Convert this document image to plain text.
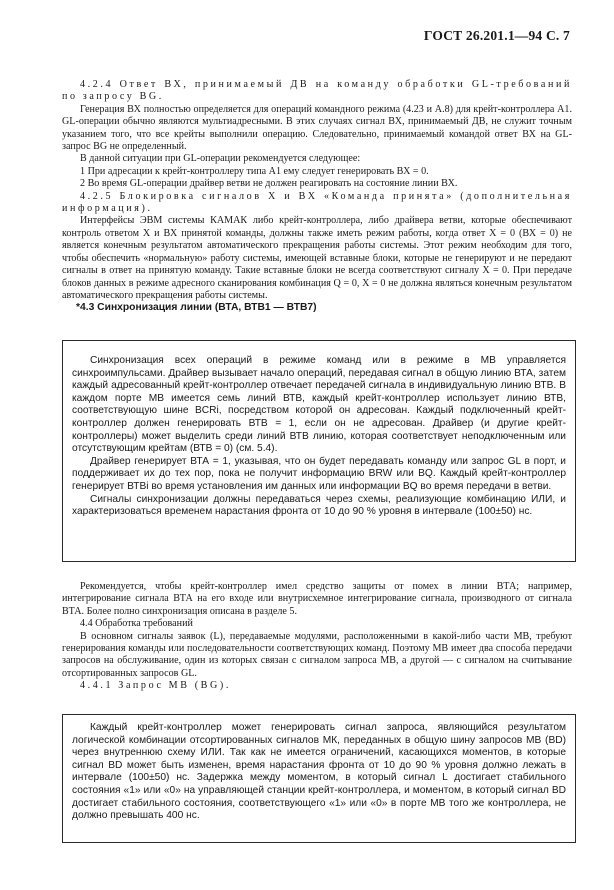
ГОСТ 26.201.1—94 С. 7

4.2.4 Ответ ВХ, принимаемый ДВ на команду обработки GL-требований по запросу BG.

Генерация ВХ полностью определяется для операций командного режима (4.23 и А.8) для крейт-контроллера А1. GL-операции обычно являются мультиадресными. В этих случаях сигнал ВХ, принимаемый ДВ, не служит точным указанием того, что все крейты выполнили операцию. Следовательно, принимаемый командой ответ ВХ на GL-запрос BG не определенный.

В данной ситуации при GL-операции рекомендуется следующее:

1 При адресации к крейт-контроллеру типа А1 ему следует генерировать ВХ = 0.

2 Во время GL-операции драйвер ветви не должен реагировать на состояние линии ВХ.

4.2.5 Блокировка сигналов Х и ВХ «Команда принята» (дополнительная информация).

Интерфейсы ЭВМ системы КАМАК либо крейт-контроллера, либо драйвера ветви, которые обеспечивают контроль ответом Х и ВХ принятой команды, должны также иметь режим работы, когда ответ Х = 0 (ВХ = 0) не является конечным результатом автоматического прекращения работы системы. Этот режим необходим для того, чтобы обеспечить «нормальную» работу системы, имеющей вставные блоки, которые не генерируют и не передают сигналы в ответ на принятую команду. Такие вставные блоки не всегда соответствуют сигналу Х = 0. При передаче блоков данных в режиме адресного сканирования комбинация Q = 0, Х = 0 не должна являться конечным результатом автоматического прекращения работы системы.

*4.3 Синхронизация линии (ВТА, ВТВ1 — ВТВ7)

Синхронизация всех операций в режиме команд или в режиме в МВ управляется синхроимпульсами. Драйвер вызывает начало операций, передавая сигнал в общую линию ВТА, затем каждый адресованный крейт-контроллер отвечает передачей сигнала в индивидуальную линию ВТВ. В каждом порте МВ имеется семь линий ВТВ, каждый крейт-контроллер использует линию ВТВ, соответствующую шине BCRi, посредством которой он адресован. Каждый подключенный крейт-контроллер должен генерировать ВТВ = 1, если он не адресован. Драйвер (и другие крейт-контроллеры) может выделить среди линий ВТВ линию, которая соответствует неподключенным или отсутствующим крейтам (ВТВ = 0) (см. 5.4).

Драйвер генерирует ВТА = 1, указывая, что он будет передавать команду или запрос GL в порт, и поддерживает их до тех пор, пока не получит информацию BRW или BQ. Каждый крейт-контроллер генерирует ВТВi во время установления им данных или информации BQ во время передачи в ветви.

Сигналы синхронизации должны передаваться через схемы, реализующие комбинацию ИЛИ, и характеризоваться временем нарастания фронта от 10 до 90 % уровня в интервале (100±50) нс.

Рекомендуется, чтобы крейт-контроллер имел средство защиты от помех в линии ВТА; например, интегрирование сигнала ВТА на его входе или внутрисхемное интегрирование сигнала, производного от сигнала ВТА. Более полно синхронизация описана в разделе 5.

4.4 Обработка требований

В основном сигналы заявок (L), передаваемые модулями, расположенными в какой-либо части МВ, требуют генерирования команды или последовательности соответствующих команд. Поэтому МВ имеет два способа передачи запросов на обслуживание, один из которых связан с сигналом запроса МВ, а другой — с сигналом на считывание отсортированных запросов GL.

4.4.1 Запрос МВ (BG).

Каждый крейт-контроллер может генерировать сигнал запроса, являющийся результатом логической комбинации отсортированных сигналов МК, переданных в общую шину запросов МВ (BD) через внутреннюю схему ИЛИ. Так как не имеется ограничений, касающихся моментов, в которые сигнал BD может быть изменен, время нарастания фронта от 10 до 90 % уровня должно лежать в интервале (100±50) нс. Задержка между моментом, в который сигнал L достигает стабильного состояния «1» или «0» на управляющей станции крейт-контроллера, и моментом, в который сигнал BD достигает стабильного состояния, соответствующего «1» или «0» в порте МВ того же контроллера, не должно превышать 400 нс.
